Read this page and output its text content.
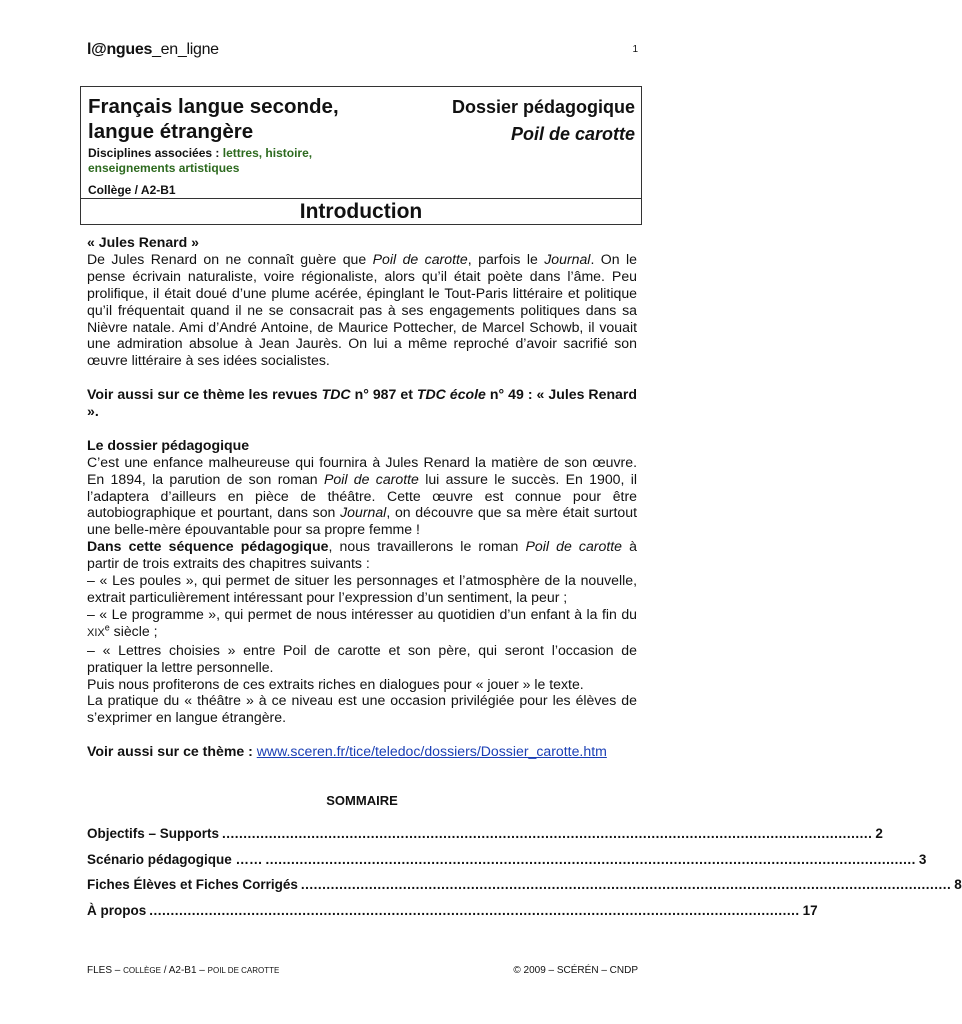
l@ngues_en_ligne	1
Français langue seconde,
langue étrangère
Disciplines associées : lettres, histoire, enseignements artistiques
Collège / A2-B1
Dossier pédagogique
Poil de carotte
Introduction

« Jules Renard »

De Jules Renard on ne connaît guère que Poil de carotte, parfois le Journal. On le pense écrivain naturaliste, voire régionaliste, alors qu’il était poète dans l’âme. Peu prolifique, il était doué d’une plume acérée, épinglant le Tout-Paris littéraire et politique qu’il fréquentait quand il ne se consacrait pas à ses engagements politiques dans sa Nièvre natale. Ami d’André Antoine, de Maurice Pottecher, de Marcel Schowb, il vouait une admiration absolue à Jean Jaurès. On lui a même reproché d’avoir sacrifié son œuvre littéraire à ses idées socialistes.

Voir aussi sur ce thème les revues TDC n° 987 et TDC école n° 49 : « Jules Renard ».

Le dossier pédagogique

C’est une enfance malheureuse qui fournira à Jules Renard la matière de son œuvre. En 1894, la parution de son roman Poil de carotte lui assure le succès. En 1900, il l’adaptera d’ailleurs en pièce de théâtre. Cette œuvre est connue pour être autobiographique et pourtant, dans son Journal, on découvre que sa mère était surtout une belle-mère épouvantable pour sa propre femme !

Dans cette séquence pédagogique, nous travaillerons le roman Poil de carotte à partir de trois extraits des chapitres suivants :

– « Les poules », qui permet de situer les personnages et l’atmosphère de la nouvelle, extrait particulièrement intéressant pour l’expression d’un sentiment, la peur ;

– « Le programme », qui permet de nous intéresser au quotidien d’un enfant à la fin du XIXe siècle ;

– « Lettres choisies » entre Poil de carotte et son père, qui seront l’occasion de pratiquer la lettre personnelle.

Puis nous profiterons de ces extraits riches en dialogues pour « jouer » le texte.

La pratique du « théâtre » à ce niveau est une occasion privilégiée pour les élèves de s’exprimer en langue étrangère.

Voir aussi sur ce thème : www.sceren.fr/tice/teledoc/dossiers/Dossier_carotte.htm

SOMMAIRE
Objectifs – Supports ......................................................................................................................................................... 2
Scénario pédagogique …… ......................................................................................................................................................... 3
Fiches Élèves et Fiches Corrigés ......................................................................................................................................................... 8
À propos ......................................................................................................................................................... 17
FLES – COLLÈGE / A2-B1 – POIL DE CAROTTE	© 2009 – SCÉRÉN – CNDP
